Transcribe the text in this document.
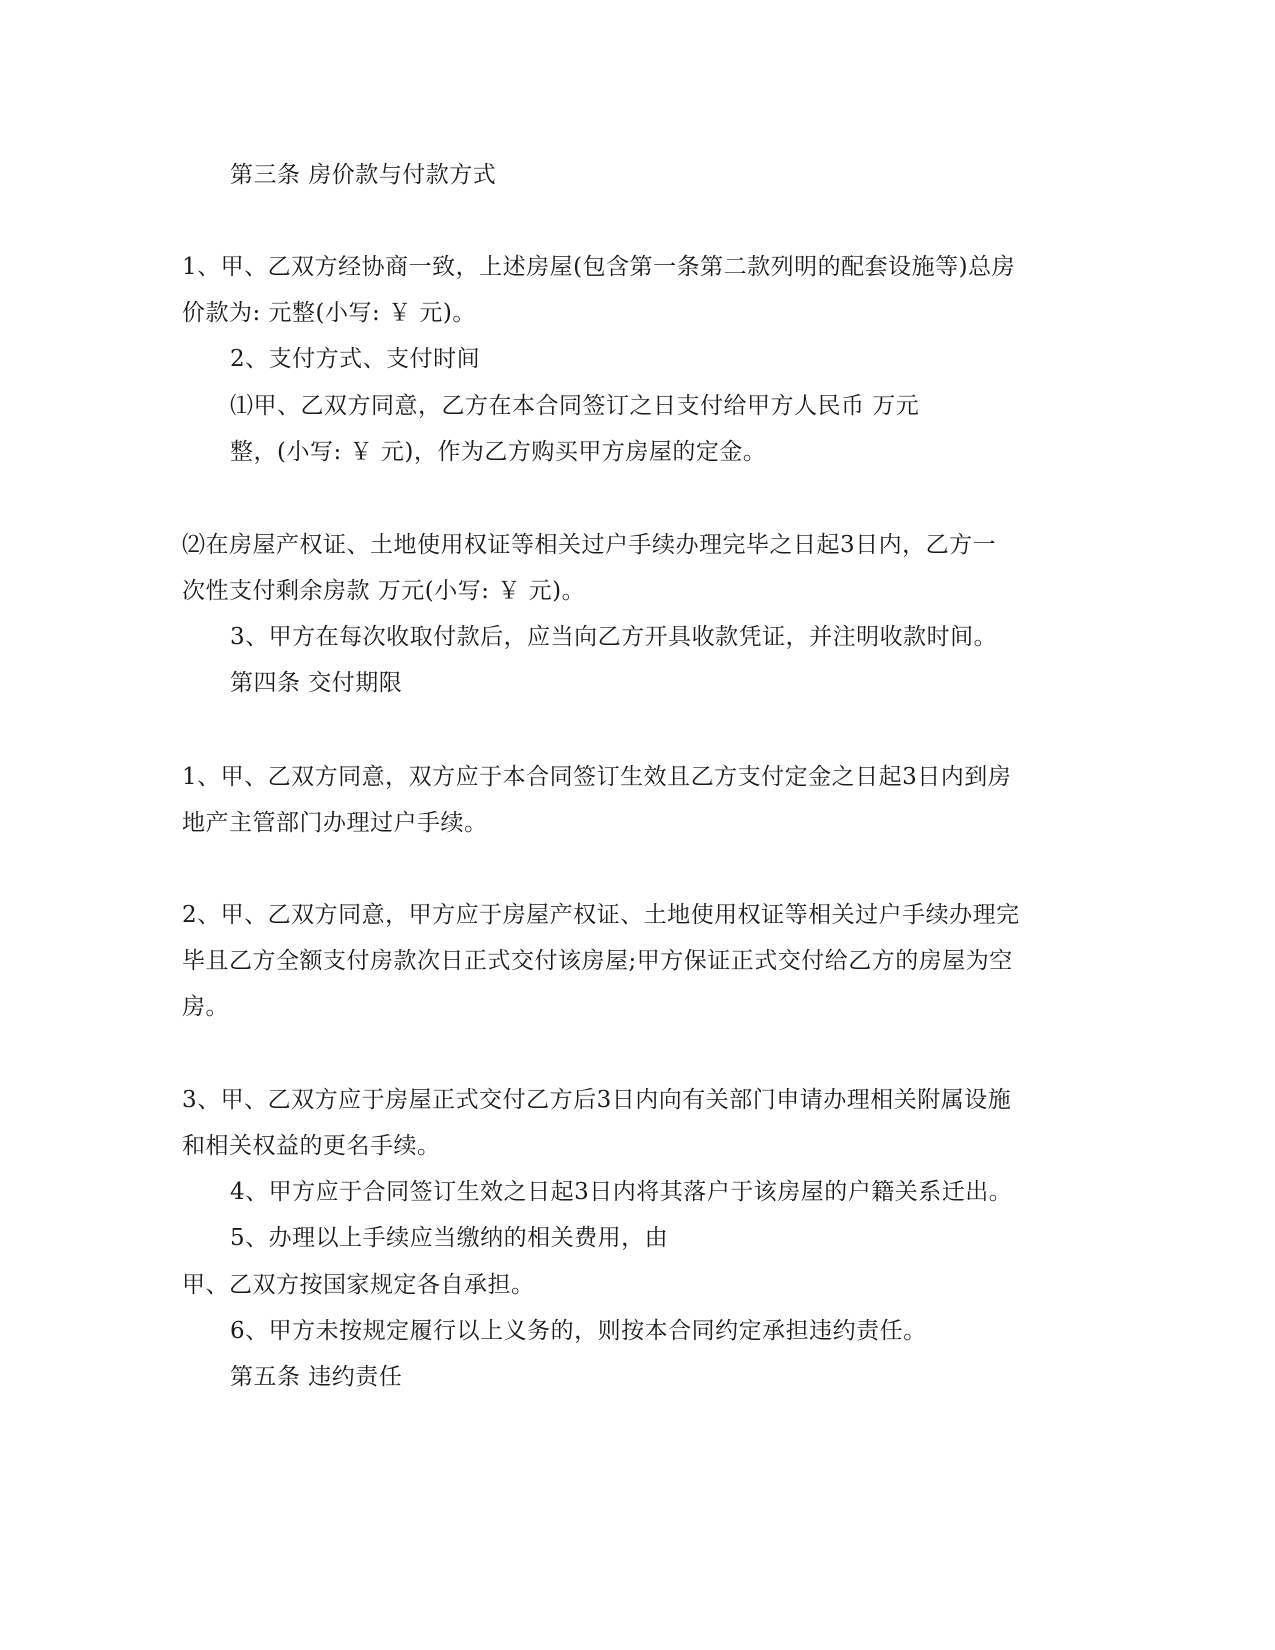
第三条 房价款与付款方式
1、甲、乙双方经协商一致，上述房屋(包含第一条第二款列明的配套设施等)总房
价款为: 元整(小写: ￥ 元)。
2、支付方式、支付时间
⑴甲、乙双方同意，乙方在本合同签订之日支付给甲方人民币 万元
整，(小写: ￥ 元)，作为乙方购买甲方房屋的定金。
⑵在房屋产权证、土地使用权证等相关过户手续办理完毕之日起3日内，乙方一
次性支付剩余房款 万元(小写: ￥ 元)。
3、甲方在每次收取付款后，应当向乙方开具收款凭证，并注明收款时间。
第四条 交付期限
1、甲、乙双方同意，双方应于本合同签订生效且乙方支付定金之日起3日内到房
地产主管部门办理过户手续。
2、甲、乙双方同意，甲方应于房屋产权证、土地使用权证等相关过户手续办理完
毕且乙方全额支付房款次日正式交付该房屋;甲方保证正式交付给乙方的房屋为空
房。
3、甲、乙双方应于房屋正式交付乙方后3日内向有关部门申请办理相关附属设施
和相关权益的更名手续。
4、甲方应于合同签订生效之日起3日内将其落户于该房屋的户籍关系迁出。
5、办理以上手续应当缴纳的相关费用，由
甲、乙双方按国家规定各自承担。
6、甲方未按规定履行以上义务的，则按本合同约定承担违约责任。
第五条 违约责任
